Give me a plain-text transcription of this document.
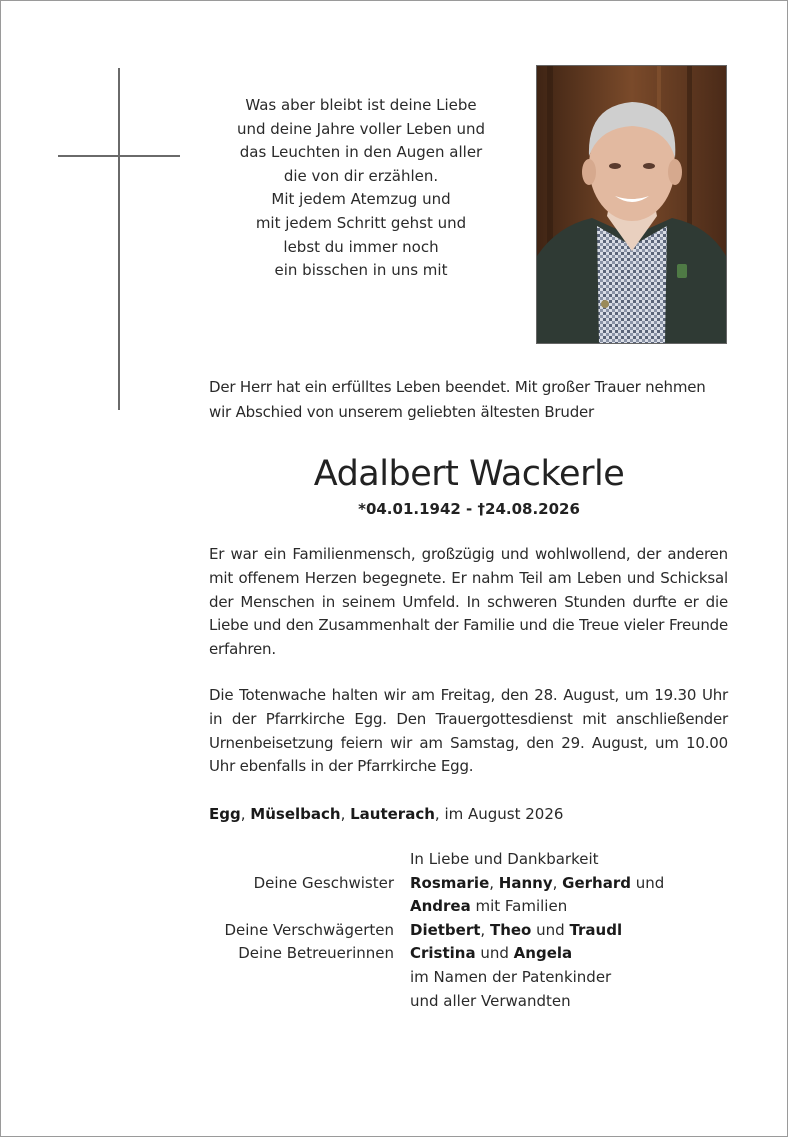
Was aber bleibt ist deine Liebe
und deine Jahre voller Leben und
das Leuchten in den Augen aller
die von dir erzählen.
Mit jedem Atemzug und
mit jedem Schritt gehst und
lebst du immer noch
ein bisschen in uns mit
Der Herr hat ein erfülltes Leben beendet. Mit großer Trauer nehmen wir Abschied von unserem geliebten ältesten Bruder
Adalbert Wackerle
*04.01.1942 - †24.08.2026
Er war ein Familienmensch, großzügig und wohlwollend, der anderen mit offenem Herzen begegnete. Er nahm Teil am Leben und Schicksal der Menschen in seinem Umfeld. In schweren Stunden durfte er die Liebe und den Zusammenhalt der Familie und die Treue vieler Freunde erfahren.
Die Totenwache halten wir am Freitag, den 28. August, um 19.30 Uhr in der Pfarrkirche Egg. Den Trauergottesdienst mit anschließender Urnenbeisetzung feiern wir am Samstag, den 29. August, um 10.00 Uhr ebenfalls in der Pfarrkirche Egg.
Egg, Müselbach, Lauterach, im August 2026
In Liebe und Dankbarkeit
Deine Geschwister Rosmarie, Hanny, Gerhard und
Andrea mit Familien
Deine Verschwägerten Dietbert, Theo und Traudl
Deine Betreuerinnen Cristina und Angela
im Namen der Patenkinder
und aller Verwandten
